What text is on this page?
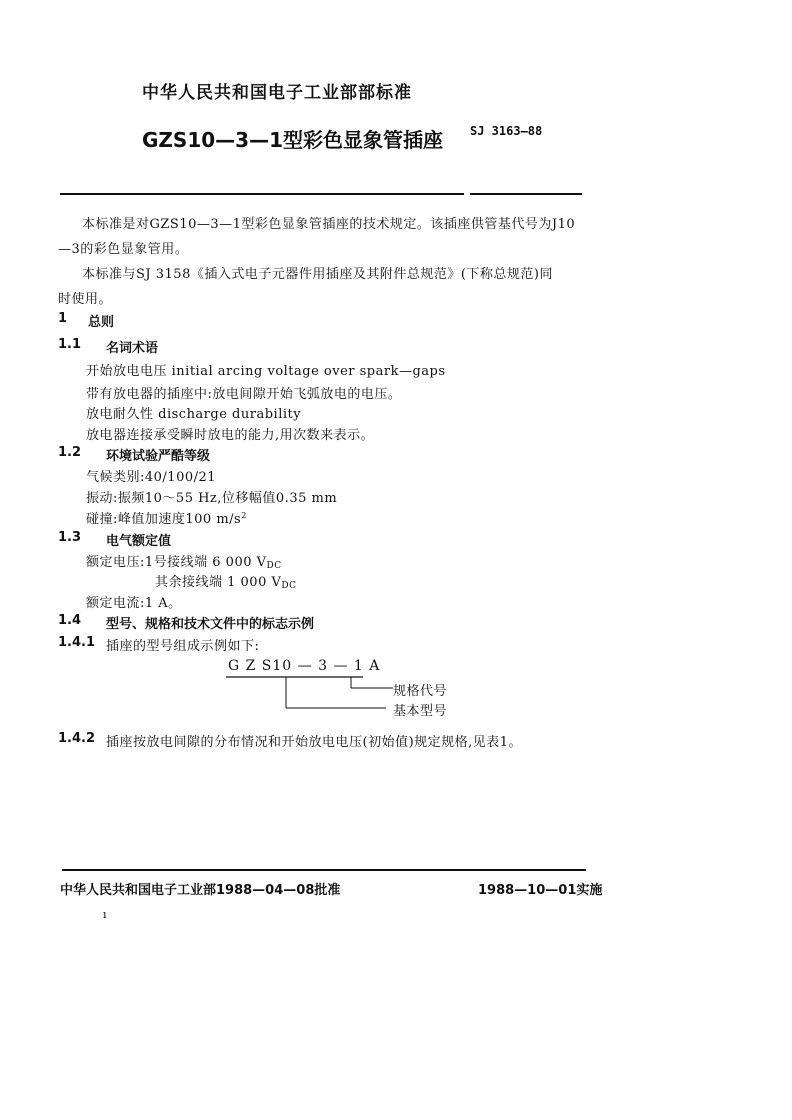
中华人民共和国电子工业部部标准
GZS10—3—1型彩色显象管插座 SJ 3163—88
本标准是对GZS10—3—1型彩色显象管插座的技术规定。该插座供管基代号为J10
—3的彩色显象管用。
本标准与SJ 3158《插入式电子元器件用插座及其附件总规范》(下称总规范)同
时使用。
1 总则
1.1 名词术语
开始放电电压 initial arcing voltage over spark—gaps
带有放电器的插座中:放电间隙开始飞弧放电的电压。
放电耐久性 discharge durability
放电器连接承受瞬时放电的能力,用次数来表示。
1.2 环境试验严酷等级
气候类别:40/100/21
振动:振频10～55 Hz,位移幅值0.35 mm
碰撞:峰值加速度100 $m/s^2$
1.3 电气额定值
额定电压:1号接线端 6 000 $V_{DC}$
其余接线端 1 000 $V_{DC}$
额定电流:1 A。
1.4 型号、规格和技术文件中的标志示例
1.4.1 插座的型号组成示例如下:
G Z S10 — 3 — 1 A
规格代号
基本型号
1.4.2 插座按放电间隙的分布情况和开始放电电压(初始值)规定规格,见表1。
中华人民共和国电子工业部1988—04—08批准	1988—10—01实施
ı
